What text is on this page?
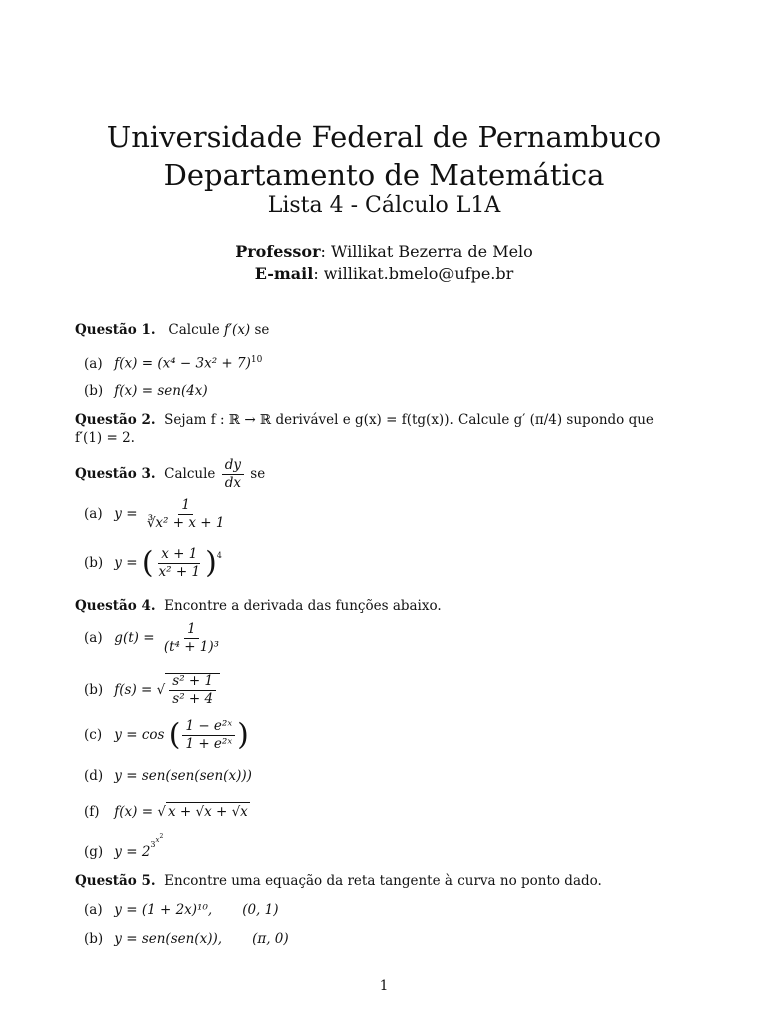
Universidade Federal de Pernambuco
Departamento de Matemática
Lista 4 - Cálculo L1A
Professor: Willikat Bezerra de Melo
E-mail: willikat.bmelo@ufpe.br
Questão 1. Calcule f′(x) se
(a) $f(x) = (x^4 - 3x^2 + 7)^{10}$
(b) f(x) = sen(4x)
Questão 2. Sejam f : ℝ → ℝ derivável e g(x) = f(tg(x)). Calcule g′ (π/4) supondo que f′(1) = 2.
Questão 3. Calcule $\frac{dy}{dx}$ se
(a) $y = \frac{1}{\text{∛x² + x + 1}}$
(b) y = ( $\frac{x + 1}{\text{x² + 1}} )^4$
Questão 4. Encontre a derivada das funções abaixo.
(a) $g(t) = \frac{1}{\text{(t⁴ + 1)³}}$
(b) f(s) = √ $\frac{\text{s² + 1}}{\text{s² + 4}}$
(c) y = cos ( $\frac{\text{1 − e²ˣ}}{\text{1 + e²ˣ}}$ )
(d) y = sen(sen(sen(x)))
(f) f(x) = √ x + √x + √x
(g) $y = 2^{3x2}$
Questão 5. Encontre uma equação da reta tangente à curva no ponto dado.
(a) y = (1 + 2x)¹⁰, (0, 1)
(b) y = sen(sen(x)), (π, 0)
1
